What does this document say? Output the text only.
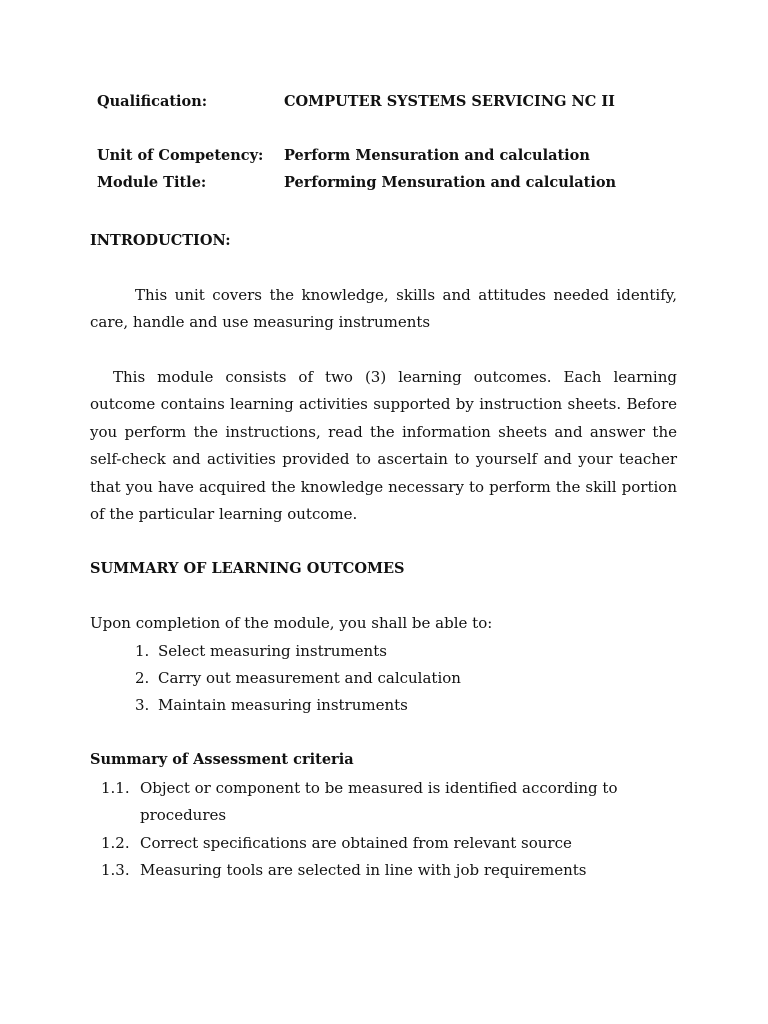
Qualification:	COMPUTER SYSTEMS SERVICING NC II
Unit of Competency: Perform Mensuration and calculation
Module Title:	Performing Mensuration and calculation
INTRODUCTION:
This unit covers the knowledge, skills and attitudes needed identify, care, handle and use measuring instruments
This module consists of two (3) learning outcomes. Each learning outcome contains learning activities supported by instruction sheets. Before you perform the instructions, read the information sheets and answer the self-check and activities provided to ascertain to yourself and your teacher that you have acquired the knowledge necessary to perform the skill portion of the particular learning outcome.
SUMMARY OF LEARNING OUTCOMES
Upon completion of the module, you shall be able to:
1. Select measuring instruments
2. Carry out measurement and calculation
3. Maintain measuring instruments
Summary of Assessment criteria
1.1. Object or component to be measured is identified according to
procedures
1.2. Correct specifications are obtained from relevant source
1.3. Measuring tools are selected in line with job requirements
